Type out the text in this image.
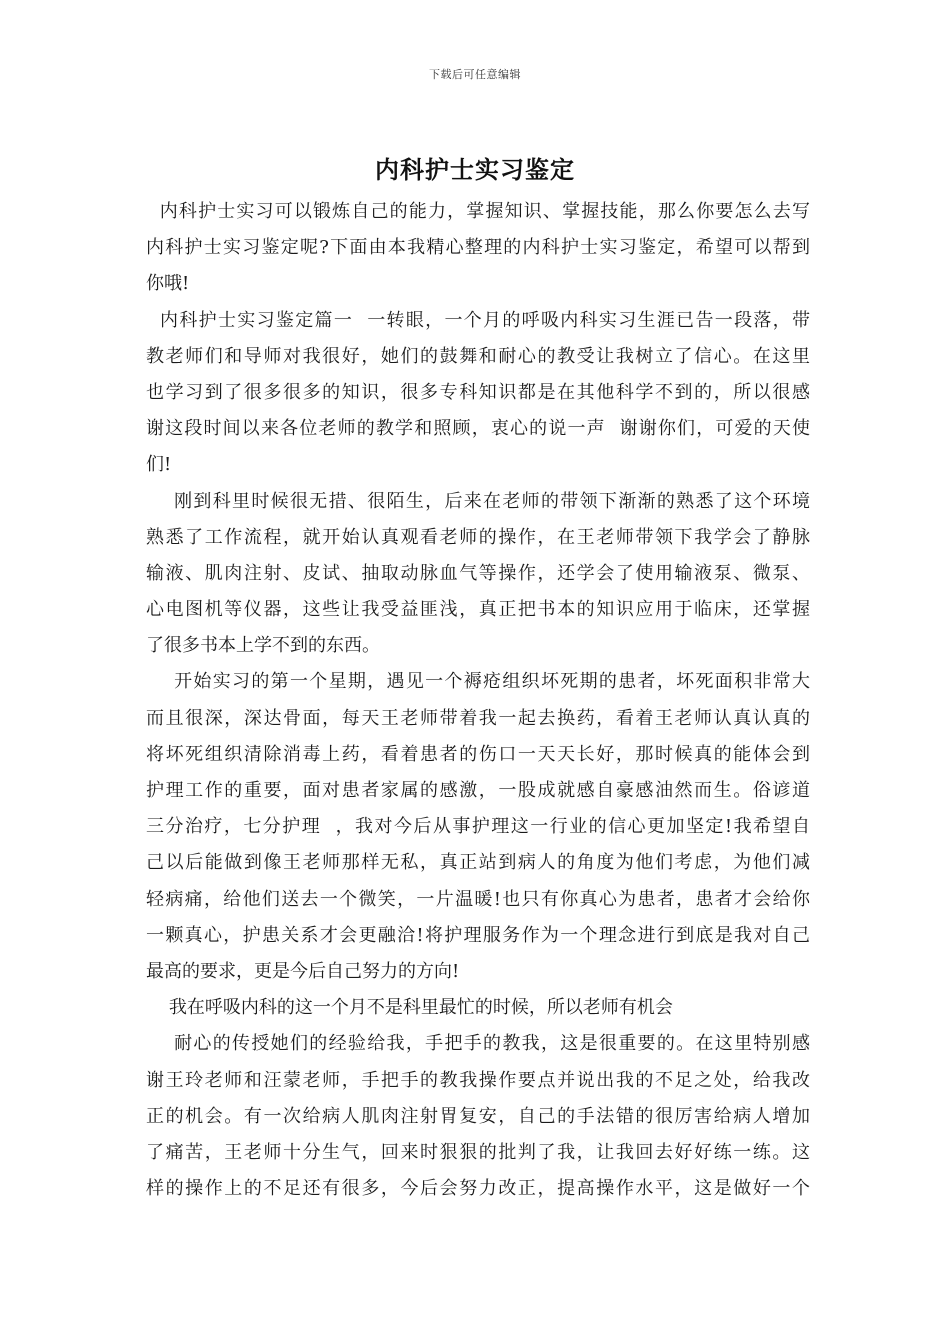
下载后可任意编辑
内科护士实习鉴定
内科护士实习可以锻炼自己的能力，掌握知识、掌握技能，那么你要怎么去写
内科护士实习鉴定呢?下面由本我精心整理的内科护士实习鉴定，希望可以帮到
你哦!
内科护士实习鉴定篇一  一转眼，一个月的呼吸内科实习生涯已告一段落，带
教老师们和导师对我很好，她们的鼓舞和耐心的教受让我树立了信心。在这里
也学习到了很多很多的知识，很多专科知识都是在其他科学不到的，所以很感
谢这段时间以来各位老师的教学和照顾，衷心的说一声  谢谢你们，可爱的天使
们!
刚到科里时候很无措、很陌生，后来在老师的带领下渐渐的熟悉了这个环境
熟悉了工作流程，就开始认真观看老师的操作，在王老师带领下我学会了静脉
输液、肌肉注射、皮试、抽取动脉血气等操作，还学会了使用输液泵、微泵、
心电图机等仪器，这些让我受益匪浅，真正把书本的知识应用于临床，还掌握
了很多书本上学不到的东西。
开始实习的第一个星期，遇见一个褥疮组织坏死期的患者，坏死面积非常大
而且很深，深达骨面，每天王老师带着我一起去换药，看着王老师认真认真的
将坏死组织清除消毒上药，看着患者的伤口一天天长好，那时候真的能体会到
护理工作的重要，面对患者家属的感激，一股成就感自豪感油然而生。俗谚道
三分治疗，七分护理  ，我对今后从事护理这一行业的信心更加坚定!我希望自
己以后能做到像王老师那样无私，真正站到病人的角度为他们考虑，为他们减
轻病痛，给他们送去一个微笑，一片温暖!也只有你真心为患者，患者才会给你
一颗真心，护患关系才会更融洽!将护理服务作为一个理念进行到底是我对自己
最高的要求，更是今后自己努力的方向!
我在呼吸内科的这一个月不是科里最忙的时候，所以老师有机会
耐心的传授她们的经验给我，手把手的教我，这是很重要的。在这里特别感
谢王玲老师和汪蒙老师，手把手的教我操作要点并说出我的不足之处，给我改
正的机会。有一次给病人肌肉注射胃复安，自己的手法错的很厉害给病人增加
了痛苦，王老师十分生气，回来时狠狠的批判了我，让我回去好好练一练。这
样的操作上的不足还有很多，今后会努力改正，提高操作水平，这是做好一个
